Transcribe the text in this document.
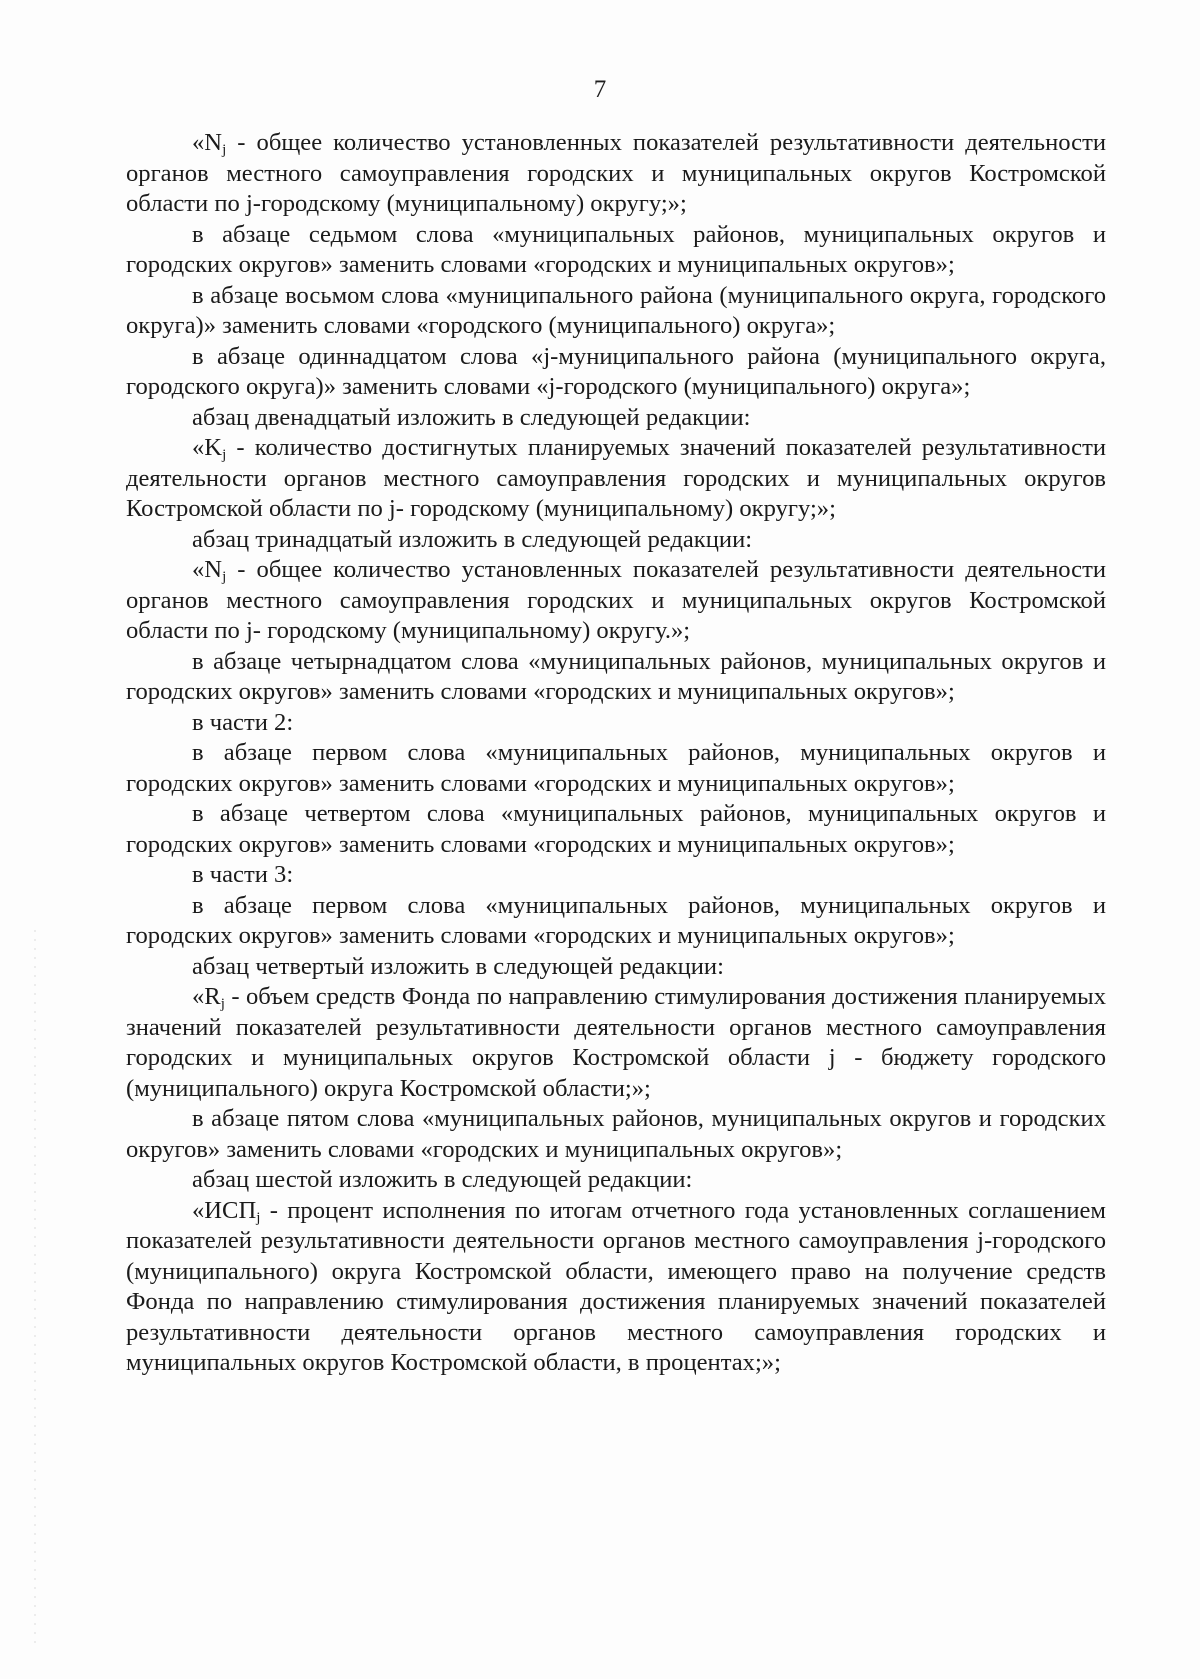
7

«$N_j$ - общее количество установленных показателей результативности деятельности органов местного самоуправления городских и муниципальных округов Костромской области по j-городскому (муниципальному) округу;»;

в абзаце седьмом слова «муниципальных районов, муниципальных округов и городских округов» заменить словами «городских и муниципальных округов»;

в абзаце восьмом слова «муниципального района (муниципального округа, городского округа)» заменить словами «городского (муниципального) округа»;

в абзаце одиннадцатом слова «j-муниципального района (муниципального округа, городского округа)» заменить словами «j-городского (муниципального) округа»;

абзац двенадцатый изложить в следующей редакции:

«$K_j$ - количество достигнутых планируемых значений показателей результативности деятельности органов местного самоуправления городских и муниципальных округов Костромской области по j- городскому (муниципальному) округу;»;

абзац тринадцатый изложить в следующей редакции:

«$N_j$ - общее количество установленных показателей результативности деятельности органов местного самоуправления городских и муниципальных округов Костромской области по j- городскому (муниципальному) округу.»;

в абзаце четырнадцатом слова «муниципальных районов, муниципальных округов и городских округов» заменить словами «городских и муниципальных округов»;

в части 2:

в абзаце первом слова «муниципальных районов, муниципальных округов и городских округов» заменить словами «городских и муниципальных округов»;

в абзаце четвертом слова «муниципальных районов, муниципальных округов и городских округов» заменить словами «городских и муниципальных округов»;

в части 3:

в абзаце первом слова «муниципальных районов, муниципальных округов и городских округов» заменить словами «городских и муниципальных округов»;

абзац четвертый изложить в следующей редакции:

«$R_j$ - объем средств Фонда по направлению стимулирования достижения планируемых значений показателей результативности деятельности органов местного самоуправления городских и муниципальных округов Костромской области j - бюджету городского (муниципального) округа Костромской области;»;

в абзаце пятом слова «муниципальных районов, муниципальных округов и городских округов» заменить словами «городских и муниципальных округов»;

абзац шестой изложить в следующей редакции:

«$ИСП_j$ - процент исполнения по итогам отчетного года установленных соглашением показателей результативности деятельности органов местного самоуправления j-городского (муниципального) округа Костромской области, имеющего право на получение средств Фонда по направлению стимулирования достижения планируемых значений показателей результативности деятельности органов местного самоуправления городских и муниципальных округов Костромской области, в процентах;»;
